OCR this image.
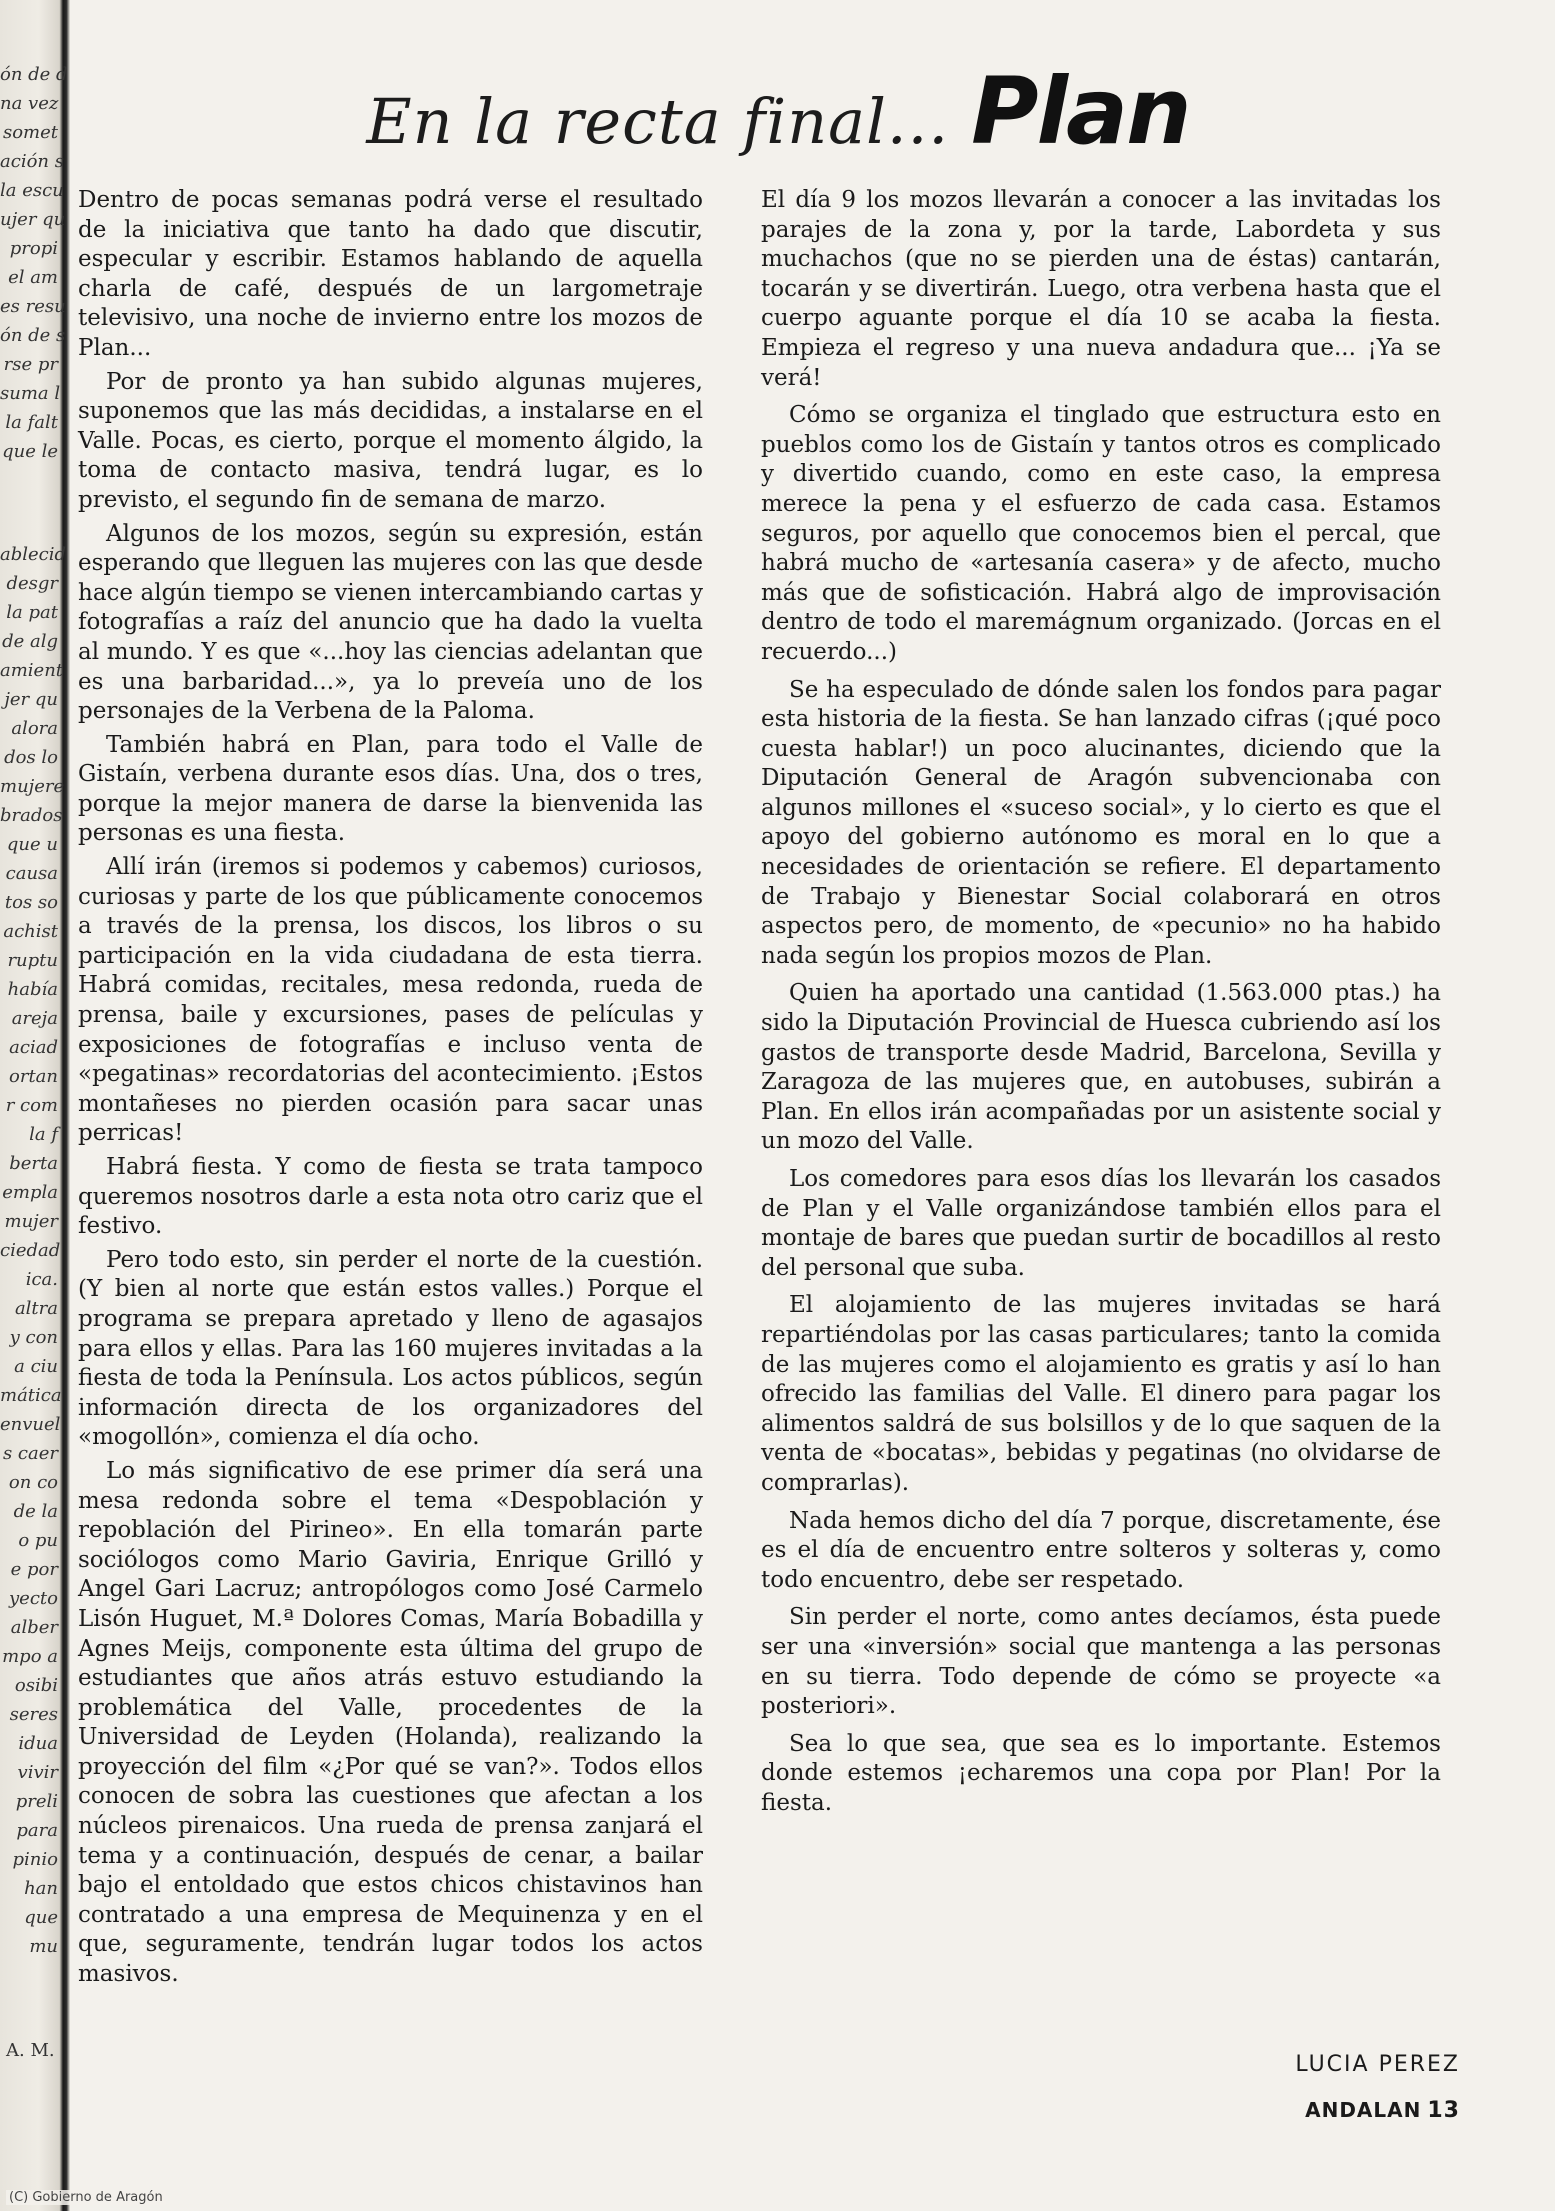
ón de d
na vez
somet
ación s
la escu
ujer qu
propi
el am
es resu
ón de s
rse pr
suma l
la falt
que le
ablecid
desgr
la pat
de alg
amient
jer qu
alora
dos lo
mujere
brados
que u
causa
tos so
achist
ruptu
había
areja
aciad
ortan
r com
la f
berta
empla
mujer
ciedad
ica.
altra
y con
a ciu
mática
envuel
s caer
on co
de la
o pu
e por
yecto
alber
mpo a
osibi
seres
idua
vivir
preli
para
pinio
han
que
mu
A. M.
En la recta final... Plan

Dentro de pocas semanas podrá verse el resultado de la iniciativa que tanto ha dado que discutir, especular y escribir. Estamos hablando de aquella charla de café, después de un largometraje televisivo, una noche de invierno entre los mozos de Plan...

Por de pronto ya han subido algunas mujeres, suponemos que las más decididas, a instalarse en el Valle. Pocas, es cierto, porque el momento álgido, la toma de contacto masiva, tendrá lugar, es lo previsto, el segundo fin de semana de marzo.

Algunos de los mozos, según su expresión, están esperando que lleguen las mujeres con las que desde hace algún tiempo se vienen intercambiando cartas y fotografías a raíz del anuncio que ha dado la vuelta al mundo. Y es que «...hoy las ciencias adelantan que es una barbaridad...», ya lo preveía uno de los personajes de la Verbena de la Paloma.

También habrá en Plan, para todo el Valle de Gistaín, verbena durante esos días. Una, dos o tres, porque la mejor manera de darse la bienvenida las personas es una fiesta.

Allí irán (iremos si podemos y cabemos) curiosos, curiosas y parte de los que públicamente conocemos a través de la prensa, los discos, los libros o su participación en la vida ciudadana de esta tierra. Habrá comidas, recitales, mesa redonda, rueda de prensa, baile y excursiones, pases de películas y exposiciones de fotografías e incluso venta de «pegatinas» recordatorias del acontecimiento. ¡Estos montañeses no pierden ocasión para sacar unas perricas!

Habrá fiesta. Y como de fiesta se trata tampoco queremos nosotros darle a esta nota otro cariz que el festivo.

Pero todo esto, sin perder el norte de la cuestión. (Y bien al norte que están estos valles.) Porque el programa se prepara apretado y lleno de agasajos para ellos y ellas. Para las 160 mujeres invitadas a la fiesta de toda la Península. Los actos públicos, según información directa de los organizadores del «mogollón», comienza el día ocho.

Lo más significativo de ese primer día será una mesa redonda sobre el tema «Despoblación y repoblación del Pirineo». En ella tomarán parte sociólogos como Mario Gaviria, Enrique Grilló y Angel Gari Lacruz; antropólogos como José Carmelo Lisón Huguet, M.ª Dolores Comas, María Bobadilla y Agnes Meijs, componente esta última del grupo de estudiantes que años atrás estuvo estudiando la problemática del Valle, procedentes de la Universidad de Leyden (Holanda), realizando la proyección del film «¿Por qué se van?». Todos ellos conocen de sobra las cuestiones que afectan a los núcleos pirenaicos. Una rueda de prensa zanjará el tema y a continuación, después de cenar, a bailar bajo el entoldado que estos chicos chistavinos han contratado a una empresa de Mequinenza y en el que, seguramente, tendrán lugar todos los actos masivos.

El día 9 los mozos llevarán a conocer a las invitadas los parajes de la zona y, por la tarde, Labordeta y sus muchachos (que no se pierden una de éstas) cantarán, tocarán y se divertirán. Luego, otra verbena hasta que el cuerpo aguante porque el día 10 se acaba la fiesta. Empieza el regreso y una nueva andadura que... ¡Ya se verá!

Cómo se organiza el tinglado que estructura esto en pueblos como los de Gistaín y tantos otros es complicado y divertido cuando, como en este caso, la empresa merece la pena y el esfuerzo de cada casa. Estamos seguros, por aquello que conocemos bien el percal, que habrá mucho de «artesanía casera» y de afecto, mucho más que de sofisticación. Habrá algo de improvisación dentro de todo el maremágnum organizado. (Jorcas en el recuerdo...)

Se ha especulado de dónde salen los fondos para pagar esta historia de la fiesta. Se han lanzado cifras (¡qué poco cuesta hablar!) un poco alucinantes, diciendo que la Diputación General de Aragón subvencionaba con algunos millones el «suceso social», y lo cierto es que el apoyo del gobierno autónomo es moral en lo que a necesidades de orientación se refiere. El departamento de Trabajo y Bienestar Social colaborará en otros aspectos pero, de momento, de «pecunio» no ha habido nada según los propios mozos de Plan.

Quien ha aportado una cantidad (1.563.000 ptas.) ha sido la Diputación Provincial de Huesca cubriendo así los gastos de transporte desde Madrid, Barcelona, Sevilla y Zaragoza de las mujeres que, en autobuses, subirán a Plan. En ellos irán acompañadas por un asistente social y un mozo del Valle.

Los comedores para esos días los llevarán los casados de Plan y el Valle organizándose también ellos para el montaje de bares que puedan surtir de bocadillos al resto del personal que suba.

El alojamiento de las mujeres invitadas se hará repartiéndolas por las casas particulares; tanto la comida de las mujeres como el alojamiento es gratis y así lo han ofrecido las familias del Valle. El dinero para pagar los alimentos saldrá de sus bolsillos y de lo que saquen de la venta de «bocatas», bebidas y pegatinas (no olvidarse de comprarlas).

Nada hemos dicho del día 7 porque, discretamente, ése es el día de encuentro entre solteros y solteras y, como todo encuentro, debe ser respetado.

Sin perder el norte, como antes decíamos, ésta puede ser una «inversión» social que mantenga a las personas en su tierra. Todo depende de cómo se proyecte «a posteriori».

Sea lo que sea, que sea es lo importante. Estemos donde estemos ¡echaremos una copa por Plan! Por la fiesta.

LUCIA PEREZ
ANDALAN 13
(C) Gobierno de Aragón
